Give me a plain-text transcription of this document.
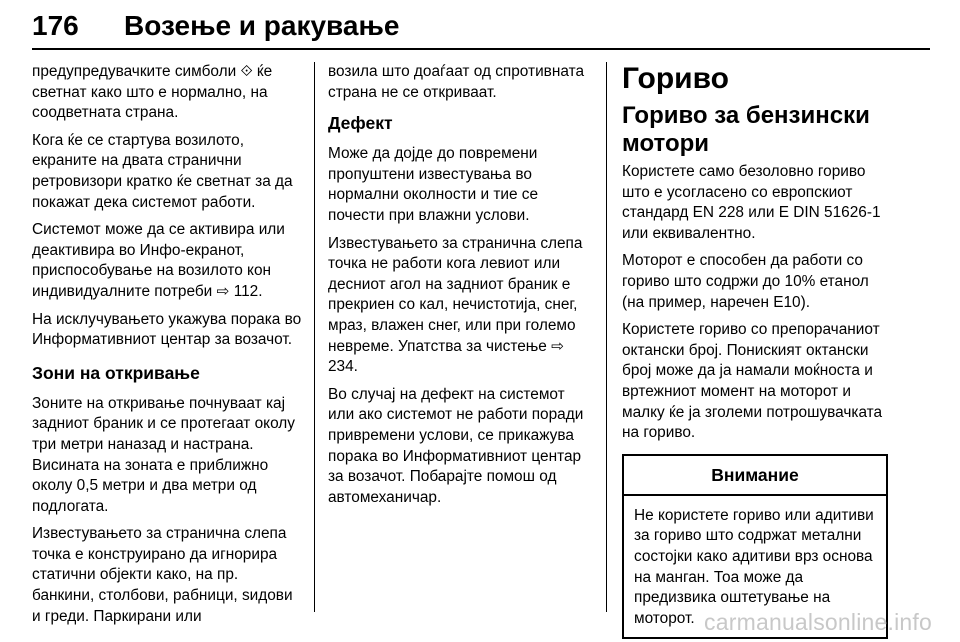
176 Возење и ракување

предупредувачките симболи ⟐ ќе светнат како што е нормално, на соодветната страна.

Кога ќе се стартува возилото, екраните на двата странични ретровизори кратко ќе светнат за да покажат дека системот работи.

Системот може да се активира или деактивира во Инфо-екранот, приспособување на возилото кон индивидуалните потреби ⇨ 112.

На исклучувањето укажува порака во Информативниот центар за возачот.

Зони на откривање

Зоните на откривање почнуваат кај задниот браник и се протегаат околу три метри наназад и настрана. Висината на зоната е приближно околу 0,5 метри и два метри од подлогата.

Известувањето за странична слепа точка е конструирано да игнорира статични објекти како, на пр. банкини, столбови, рабници, ѕидови и греди. Паркирани или

возила што доаѓаат од спротивната страна не се откриваат.

Дефект

Може да дојде до повремени пропуштени известувања во нормални околности и тие се почести при влажни услови.

Известувањето за странична слепа точка не работи кога левиот или десниот агол на задниот браник е прекриен со кал, нечистотија, снег, мраз, влажен снег, или при големо невреме. Упатства за чистење ⇨ 234.

Во случај на дефект на системот или ако системот не работи поради привремени услови, се прикажува порака во Информативниот центар за возачот. Побарајте помош од автомеханичар.

Гориво
Гориво за бензински мотори

Користете само безоловно гориво што е усогласено со европскиот стандард EN 228 или E DIN 51626-1 или еквивалентно.

Моторот е способен да работи со гориво што содржи до 10% етанол (на пример, наречен E10).

Користете гориво со препорачаниот октански број. Пониският октански број може да ја намали моќноста и вртежниот момент на моторот и малку ќе ја зголеми потрошувачката на гориво.

Внимание

Не користете гориво или адитиви за гориво што содржат метални состојки како адитиви врз основа на манган. Тоа може да предизвика оштетување на моторот. carmanualsonline.info
